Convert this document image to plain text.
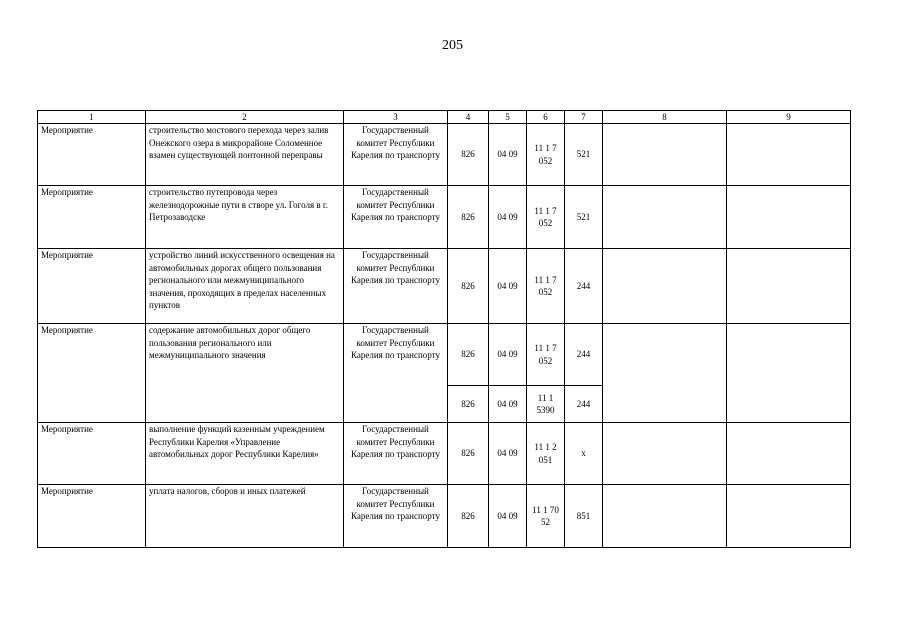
205
1	2	3	4	5	6	7	8	9
Мероприятие	строительство мостового перехода через залив Онежского озера в микрорайоне Соломенное взамен существующей понтонной переправы	Государственный комитет Республики Карелия по транспорту	826	04 09	11 1 7 052	521		
Мероприятие	строительство путепровода через железнодорожные пути в створе ул. Гоголя в г. Петрозаводске	Государственный комитет Республики Карелия по транспорту	826	04 09	11 1 7 052	521		
Мероприятие	устройство линий искусственного освещения на автомобильных дорогах общего пользования регионального или межмуниципального значения, проходящих в пределах населенных пунктов	Государственный комитет Республики Карелия по транспорту	826	04 09	11 1 7 052	244		
Мероприятие	содержание автомобильных дорог общего пользования регионального или межмуниципального значения	Государственный комитет Республики Карелия по транспорту	826	04 09	11 1 7 052	244		
			826	04 09	11 1 5390	244		
Мероприятие	выполнение функций казенным учреждением Республики Карелия «Управление автомобильных дорог Республики Карелия»	Государственный комитет Республики Карелия по транспорту	826	04 09	11 1 2 051	х		
Мероприятие	уплата налогов, сборов и иных платежей	Государственный комитет Республики Карелия по транспорту	826	04 09	11 1 70 52	851		
